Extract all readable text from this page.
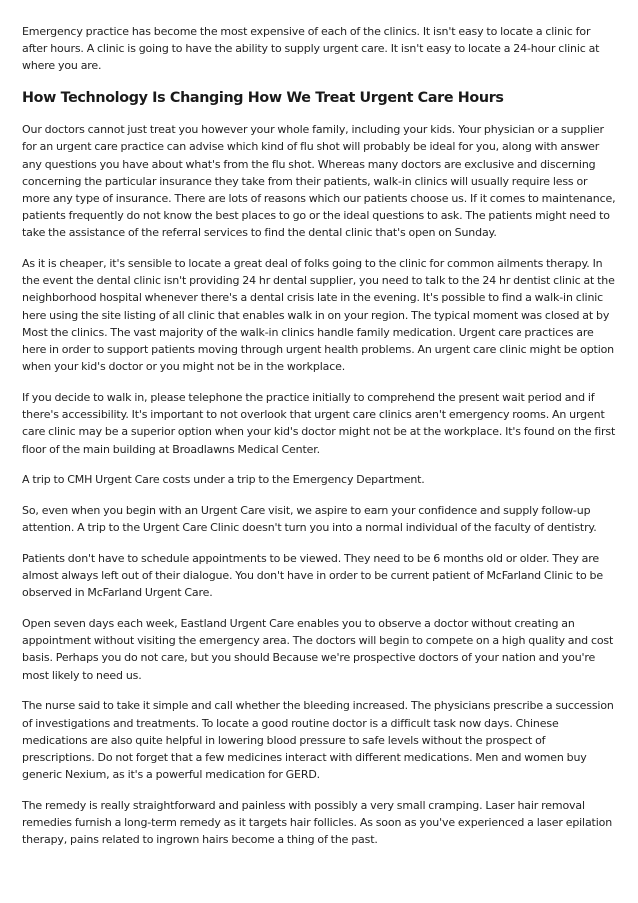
Emergency practice has become the most expensive of each of the clinics. It isn't easy to locate a clinic for after hours. A clinic is going to have the ability to supply urgent care. It isn't easy to locate a 24-hour clinic at where you are.

How Technology Is Changing How We Treat Urgent Care Hours

Our doctors cannot just treat you however your whole family, including your kids. Your physician or a supplier for an urgent care practice can advise which kind of flu shot will probably be ideal for you, along with answer any questions you have about what's from the flu shot. Whereas many doctors are exclusive and discerning concerning the particular insurance they take from their patients, walk-in clinics will usually require less or more any type of insurance. There are lots of reasons which our patients choose us. If it comes to maintenance, patients frequently do not know the best places to go or the ideal questions to ask. The patients might need to take the assistance of the referral services to find the dental clinic that's open on Sunday.

As it is cheaper, it's sensible to locate a great deal of folks going to the clinic for common ailments therapy. In the event the dental clinic isn't providing 24 hr dental supplier, you need to talk to the 24 hr dentist clinic at the neighborhood hospital whenever there's a dental crisis late in the evening. It's possible to find a walk-in clinic here using the site listing of all clinic that enables walk in on your region. The typical moment was closed at by Most the clinics. The vast majority of the walk-in clinics handle family medication. Urgent care practices are here in order to support patients moving through urgent health problems. An urgent care clinic might be option when your kid's doctor or you might not be in the workplace.

If you decide to walk in, please telephone the practice initially to comprehend the present wait period and if there's accessibility. It's important to not overlook that urgent care clinics aren't emergency rooms. An urgent care clinic may be a superior option when your kid's doctor might not be at the workplace. It's found on the first floor of the main building at Broadlawns Medical Center.

A trip to CMH Urgent Care costs under a trip to the Emergency Department.

So, even when you begin with an Urgent Care visit, we aspire to earn your confidence and supply follow-up attention. A trip to the Urgent Care Clinic doesn't turn you into a normal individual of the faculty of dentistry.

Patients don't have to schedule appointments to be viewed. They need to be 6 months old or older. They are almost always left out of their dialogue. You don't have in order to be current patient of McFarland Clinic to be observed in McFarland Urgent Care.

Open seven days each week, Eastland Urgent Care enables you to observe a doctor without creating an appointment without visiting the emergency area. The doctors will begin to compete on a high quality and cost basis. Perhaps you do not care, but you should Because we're prospective doctors of your nation and you're most likely to need us.

The nurse said to take it simple and call whether the bleeding increased. The physicians prescribe a succession of investigations and treatments. To locate a good routine doctor is a difficult task now days. Chinese medications are also quite helpful in lowering blood pressure to safe levels without the prospect of prescriptions. Do not forget that a few medicines interact with different medications. Men and women buy generic Nexium, as it's a powerful medication for GERD.

The remedy is really straightforward and painless with possibly a very small cramping. Laser hair removal remedies furnish a long-term remedy as it targets hair follicles. As soon as you've experienced a laser epilation therapy, pains related to ingrown hairs become a thing of the past.
